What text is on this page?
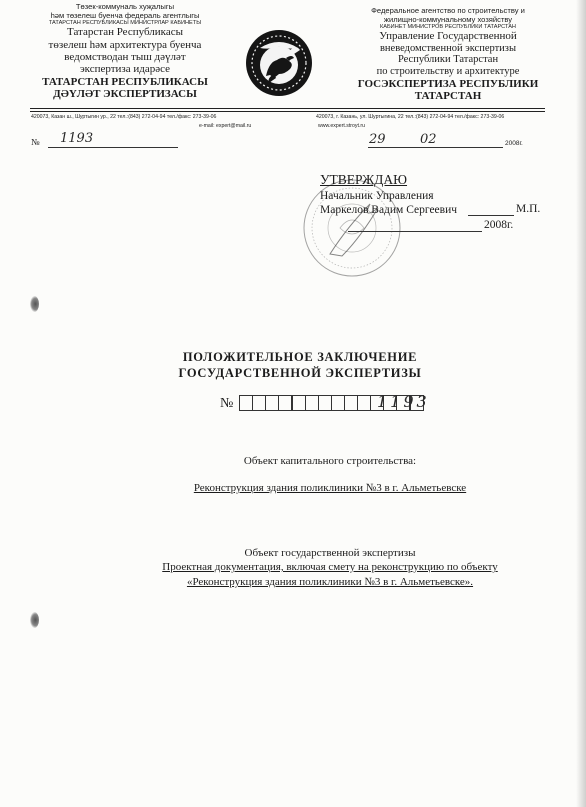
Төзек-коммуналь хуҗалыгы
һәм төзелеш буенча федераль агентлыгы
ТАТАРСТАН РЕСПУБЛИКАСЫ МИНИСТРЛАР КАБИНЕТЫ
Татарстан Республикасы
төзелеш һәм архитектура буенча
ведомстводан тыш дәүләт
экспертиза идарәсе
ТАТАРСТАН РЕСПУБЛИКАСЫ
ДӘҮЛӘТ ЭКСПЕРТИЗАСЫ
Федеральное агентство по строительству и
жилищно-коммунальному хозяйству
КАБИНЕТ МИНИСТРОВ РЕСПУБЛИКИ ТАТАРСТАН
Управление Государственной
вневедомственной экспертизы
Республики Татарстан
по строительству и архитектуре
ГОСЭКСПЕРТИЗА РЕСПУБЛИКИ
ТАТАРСТАН
420073, Казан ш., Шуртыгин ур., 22 тел.:(843) 272-04-94 тел./факс: 273-39-06	420073, г. Казань, ул. Шуртыгина, 22 тел.:(843) 272-04-94 тел./факс: 273-39-06
e-mail: expert@mail.ru	www.expert.stroyt.ru
№ 1193	29	02	2008г.
УТВЕРЖДАЮ
Начальник Управления
Маркелов Вадим Сергеевич	М.П.
2008г.
ПОЛОЖИТЕЛЬНОЕ ЗАКЛЮЧЕНИЕ
ГОСУДАРСТВЕННОЙ ЭКСПЕРТИЗЫ
№	1193
Объект капитального строительства:
Реконструкция здания поликлиники №3 в г. Альметьевске
Объект государственной экспертизы
Проектная документация, включая смету на реконструкцию по объекту
«Реконструкция здания поликлиники №3 в г. Альметьевске».
